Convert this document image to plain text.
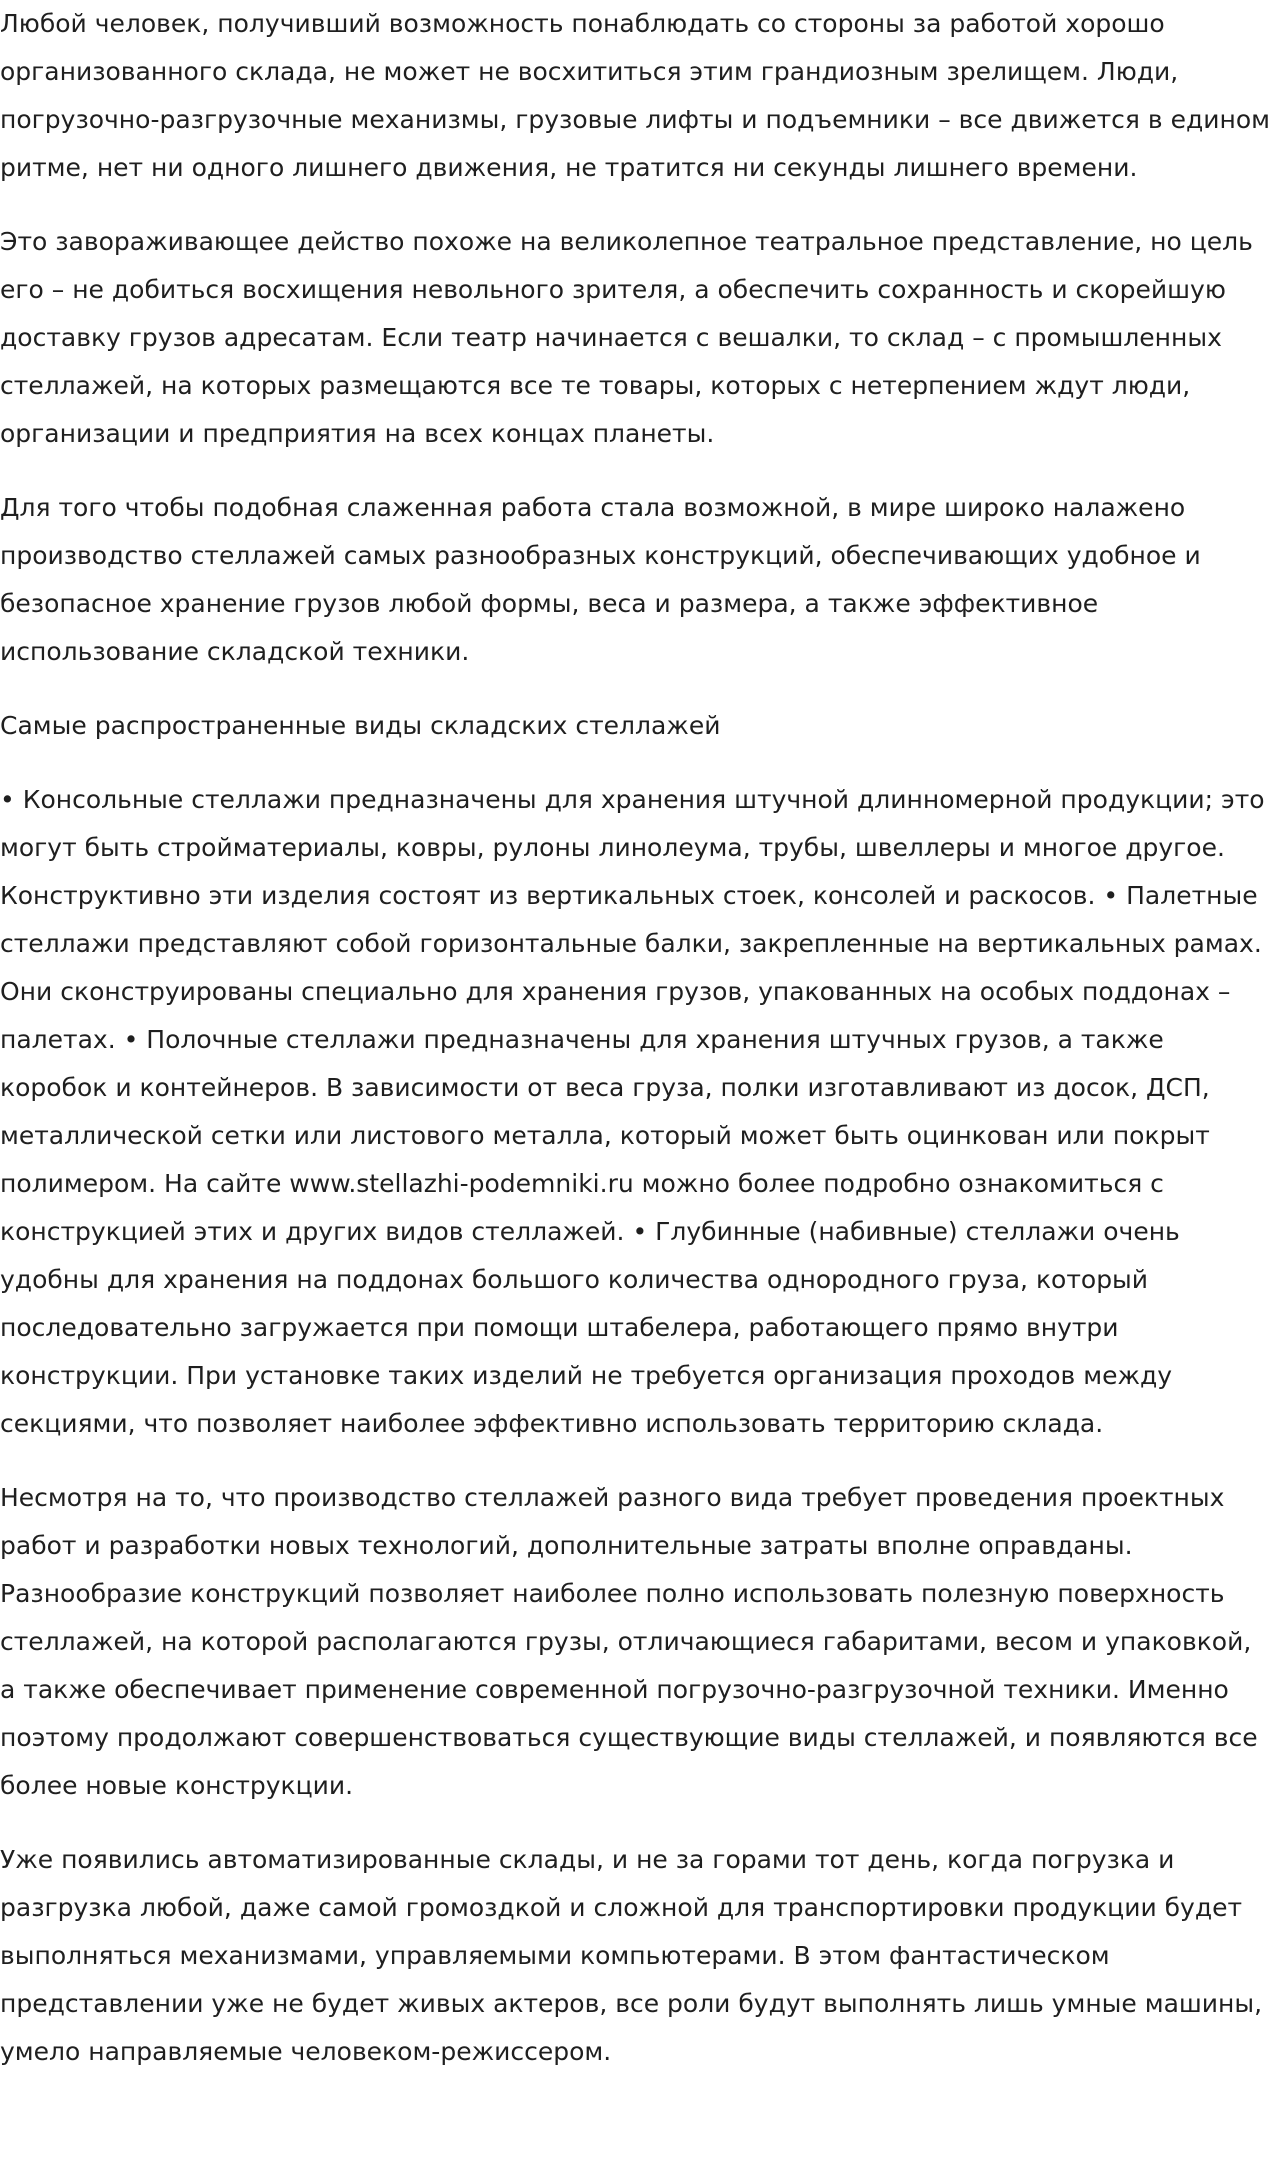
Любой человек, получивший возможность понаблюдать со стороны за работой хорошо организованного склада, не может не восхититься этим грандиозным зрелищем. Люди, погрузочно-разгрузочные механизмы, грузовые лифты и подъемники – все движется в едином ритме, нет ни одного лишнего движения, не тратится ни секунды лишнего времени.

Это завораживающее действо похоже на великолепное театральное представление, но цель его – не добиться восхищения невольного зрителя, а обеспечить сохранность и скорейшую доставку грузов адресатам. Если театр начинается с вешалки, то склад – с промышленных стеллажей, на которых размещаются все те товары, которых с нетерпением ждут люди, организации и предприятия на всех концах планеты.

Для того чтобы подобная слаженная работа стала возможной, в мире широко налажено производство стеллажей самых разнообразных конструкций, обеспечивающих удобное и безопасное хранение грузов любой формы, веса и размера, а также эффективное использование складской техники.

Самые распространенные виды складских стеллажей

• Консольные стеллажи предназначены для хранения штучной длинномерной продукции; это могут быть стройматериалы, ковры, рулоны линолеума, трубы, швеллеры и многое другое. Конструктивно эти изделия состоят из вертикальных стоек, консолей и раскосов. • Палетные стеллажи представляют собой горизонтальные балки, закрепленные на вертикальных рамах. Они сконструированы специально для хранения грузов, упакованных на особых поддонах – палетах. • Полочные стеллажи предназначены для хранения штучных грузов, а также коробок и контейнеров. В зависимости от веса груза, полки изготавливают из досок, ДСП, металлической сетки или листового металла, который может быть оцинкован или покрыт полимером. На сайте www.stellazhi-podemniki.ru можно более подробно ознакомиться с конструкцией этих и других видов стеллажей. • Глубинные (набивные) стеллажи очень удобны для хранения на поддонах большого количества однородного груза, который последовательно загружается при помощи штабелера, работающего прямо внутри конструкции. При установке таких изделий не требуется организация проходов между секциями, что позволяет наиболее эффективно использовать территорию склада.

Несмотря на то, что производство стеллажей разного вида требует проведения проектных работ и разработки новых технологий, дополнительные затраты вполне оправданы. Разнообразие конструкций позволяет наиболее полно использовать полезную поверхность стеллажей, на которой располагаются грузы, отличающиеся габаритами, весом и упаковкой, а также обеспечивает применение современной погрузочно-разгрузочной техники. Именно поэтому продолжают совершенствоваться существующие виды стеллажей, и появляются все более новые конструкции.

Уже появились автоматизированные склады, и не за горами тот день, когда погрузка и разгрузка любой, даже самой громоздкой и сложной для транспортировки продукции будет выполняться механизмами, управляемыми компьютерами. В этом фантастическом представлении уже не будет живых актеров, все роли будут выполнять лишь умные машины, умело направляемые человеком-режиссером.
